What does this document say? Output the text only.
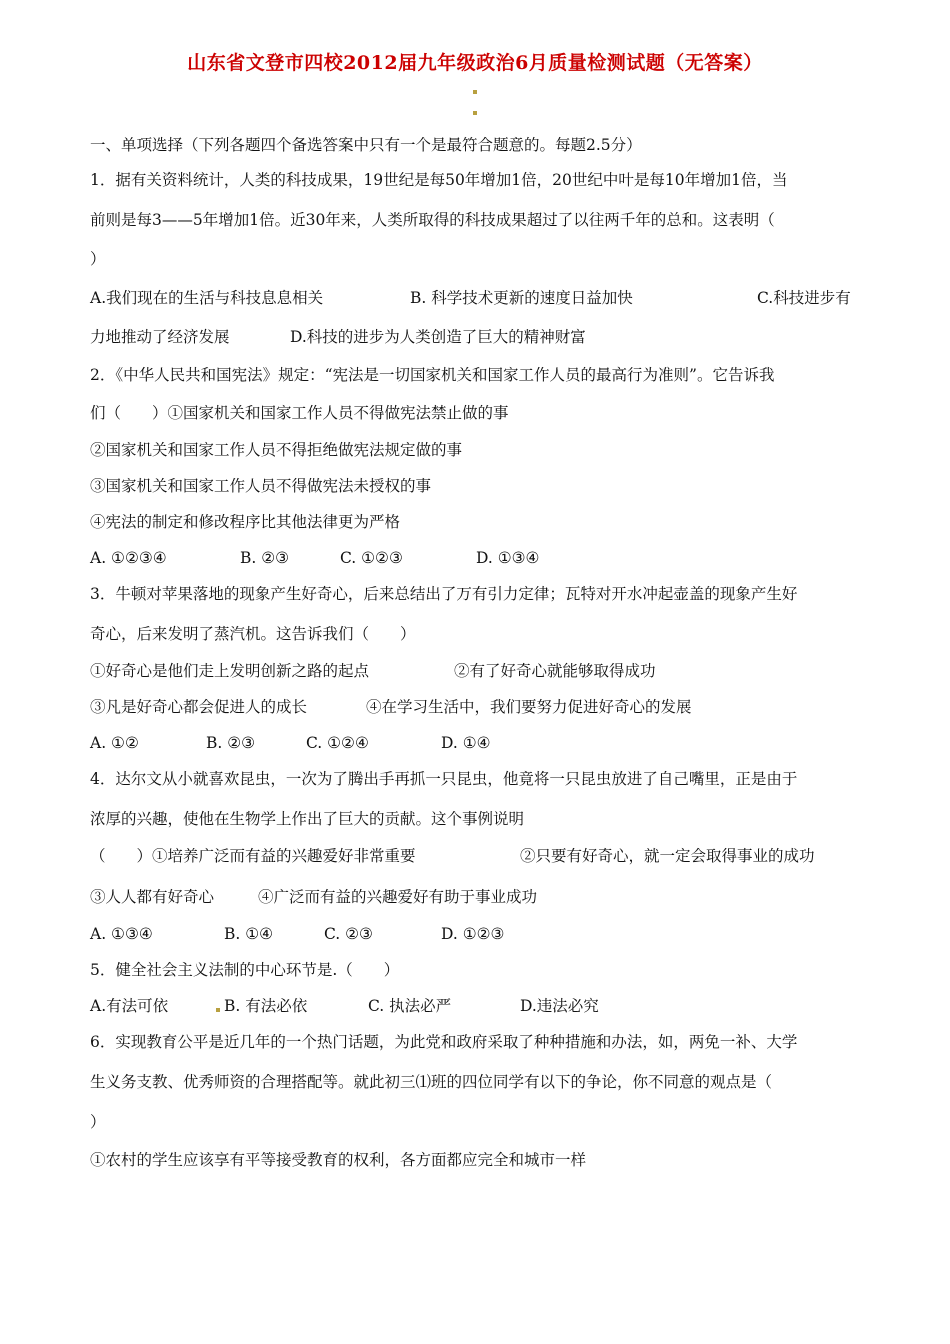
山东省文登市四校2012届九年级政治6月质量检测试题（无答案）
一、单项选择（下列各题四个备选答案中只有一个是最符合题意的。每题2.5分）
1．据有关资料统计，人类的科技成果，19世纪是每50年增加1倍，20世纪中叶是每10年增加1倍，当
前则是每3——5年增加1倍。近30年来，人类所取得的科技成果超过了以往两千年的总和。这表明（
）
A.我们现在的生活与科技息息相关	B. 科学技术更新的速度日益加快	C.科技进步有
力地推动了经济发展	D.科技的进步为人类创造了巨大的精神财富
2．《中华人民共和国宪法》规定：“宪法是一切国家机关和国家工作人员的最高行为准则”。它告诉我
们（　　）①国家机关和国家工作人员不得做宪法禁止做的事
②国家机关和国家工作人员不得拒绝做宪法规定做的事
③国家机关和国家工作人员不得做宪法未授权的事
④宪法的制定和修改程序比其他法律更为严格
A. ①②③④	B. ②③	C. ①②③	D. ①③④
3．牛顿对苹果落地的现象产生好奇心，后来总结出了万有引力定律；瓦特对开水冲起壶盖的现象产生好
奇心，后来发明了蒸汽机。这告诉我们（　　）
①好奇心是他们走上发明创新之路的起点	②有了好奇心就能够取得成功
③凡是好奇心都会促进人的成长	④在学习生活中，我们要努力促进好奇心的发展
A. ①②	B. ②③	C. ①②④	D. ①④
4．达尔文从小就喜欢昆虫，一次为了腾出手再抓一只昆虫，他竟将一只昆虫放进了自己嘴里，正是由于
浓厚的兴趣，使他在生物学上作出了巨大的贡献。这个事例说明
（　　）①培养广泛而有益的兴趣爱好非常重要	②只要有好奇心，就一定会取得事业的成功
③人人都有好奇心	④广泛而有益的兴趣爱好有助于事业成功
A. ①③④	B. ①④	C. ②③	D. ①②③
5．健全社会主义法制的中心环节是.（　　）
A.有法可依	B. 有法必依	C. 执法必严	D.违法必究
6．实现教育公平是近几年的一个热门话题，为此党和政府采取了种种措施和办法，如，两免一补、大学
生义务支教、优秀师资的合理搭配等。就此初三⑴班的四位同学有以下的争论，你不同意的观点是（
）
①农村的学生应该享有平等接受教育的权利，各方面都应完全和城市一样
